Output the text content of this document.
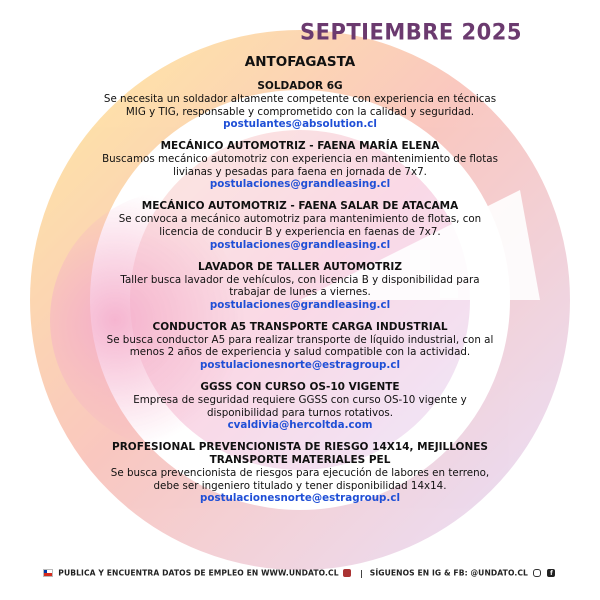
SEPTIEMBRE 2025
ANTOFAGASTA
SOLDADOR 6G
Se necesita un soldador altamente competente con experiencia en técnicas MIG y TIG, responsable y comprometido con la calidad y seguridad.
postulantes@absolution.cl
MECÁNICO AUTOMOTRIZ - FAENA MARÍA ELENA
Buscamos mecánico automotriz con experiencia en mantenimiento de flotas livianas y pesadas para faena en jornada de 7x7.
postulaciones@grandleasing.cl
MECÁNICO AUTOMOTRIZ - FAENA SALAR DE ATACAMA
Se convoca a mecánico automotriz para mantenimiento de flotas, con licencia de conducir B y experiencia en faenas de 7x7.
postulaciones@grandleasing.cl
LAVADOR DE TALLER AUTOMOTRIZ
Taller busca lavador de vehículos, con licencia B y disponibilidad para trabajar de lunes a viernes.
postulaciones@grandleasing.cl
CONDUCTOR A5 TRANSPORTE CARGA INDUSTRIAL
Se busca conductor A5 para realizar transporte de líquido industrial, con al menos 2 años de experiencia y salud compatible con la actividad.
postulacionesnorte@estragroup.cl
GGSS CON CURSO OS-10 VIGENTE
Empresa de seguridad requiere GGSS con curso OS-10 vigente y disponibilidad para turnos rotativos.
cvaldivia@hercoltda.com
PROFESIONAL PREVENCIONISTA DE RIESGO 14X14, MEJILLONES TRANSPORTE MATERIALES PEL
Se busca prevencionista de riesgos para ejecución de labores en terreno, debe ser ingeniero titulado y tener disponibilidad 14x14.
postulacionesnorte@estragroup.cl
PUBLICA Y ENCUENTRA DATOS DE EMPLEO EN WWW.UNDATO.CL	| SÍGUENOS EN IG & FB: @UNDATO.CL	f
